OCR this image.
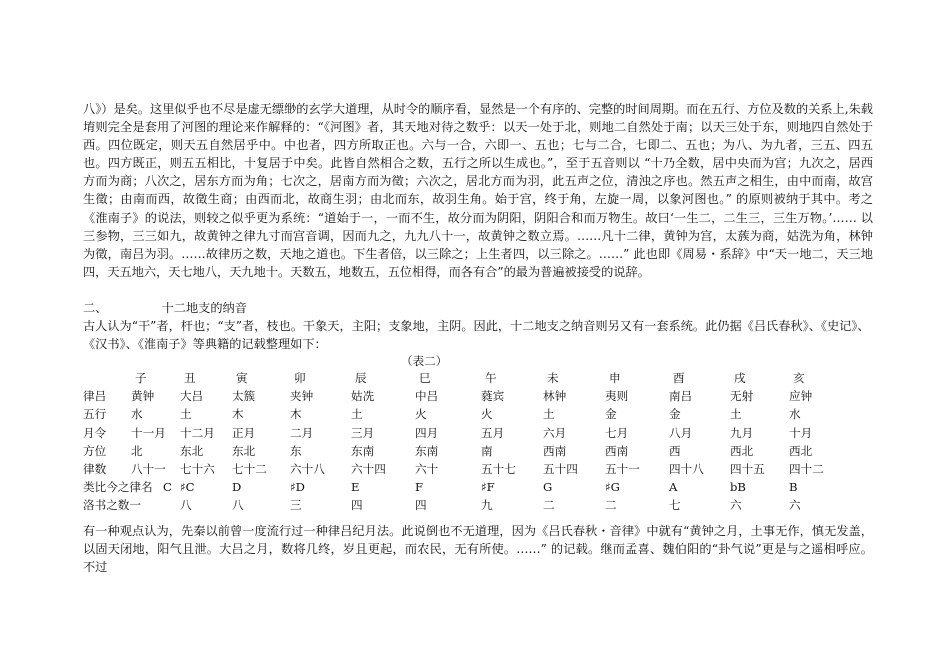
八》）是矣。这里似乎也不尽是虚无缥缈的玄学大道理，从时令的顺序看，显然是一个有序的、完整的时间周期。而在五行、方位及数的关系上,朱载堉则完全是套用了河图的理论来作解释的：“《河图》者，其天地对待之数乎：以天一处于北，则地二自然处于南；以天三处于东，则地四自然处于西。四位既定，则天五自然居乎中。中也者，四方所取正也。六与一合，六即一、五也；七与二合，七即二、五也；为八、为九者，三五、四五也。四方既正，则五五相比，十复居于中矣。此皆自然相合之数，五行之所以生成也。”，至于五音则以 “十乃全数，居中央而为宫；九次之，居西方而为商；八次之，居东方而为角；七次之，居南方而为徵；六次之，居北方而为羽，此五声之位，清浊之序也。然五声之相生，由中而南，故宫生徵；由南而西，故徵生商；由西而北，故商生羽；由北而东，故羽生角。始于宫，终于角，左旋一周，以象河图也。” 的原则被纳于其中。考之《淮南子》的说法，则较之似乎更为系统：“道始于一，一而不生，故分而为阴阳，阴阳合和而万物生。故曰‘一生二，二生三，三生万物。’…… 以三参物，三三如九，故黄钟之律九寸而宫音调，因而九之，九九八十一，故黄钟之数立焉。……凡十二律，黄钟为宫，太蔟为商，姑洗为角，林钟为徵，南吕为羽。……故律历之数，天地之道也。下生者倍，以三除之；上生者四，以三除之。……” 此也即《周易・系辞》中“天一地二，天三地四，天五地六，天七地八，天九地十。天数五，地数五，五位相得，而各有合”的最为普遍被接受的说辞。

二、	十二地支的纳音

古人认为“干”者，杆也；“支”者，枝也。干象天，主阳；支象地，主阴。因此，十二地支之纳音则另又有一套系统。此仍据《吕氏春秋》、《史记》、《汉书》、《淮南子》等典籍的记载整理如下：

（表二）
子	丑	寅	卯	辰	巳	午	未	申	酉	戌	亥
律吕 黄钟 大吕 太簇	夹钟	姑冼	中吕	蕤宾	林钟	夷则	南吕	无射	应钟
五行 水	土	木	木	土	火	火	土	金	金	土	水
月令 十一月 十二月 正月	二月	三月	四月	五月	六月	七月	八月	九月	十月
方位 北	东北 东北	东	东南	东南	南	西南	西南	西	西北	西北
律数 八十一 七十六 七十二 六十八 六十四	六十	五十七 五十四 五十一	四十八 四十五 四十二
类比今之律名 C ♯C	D	♯D	E	F	♯F	G	♯G	A	bB	B
洛书之数一	八	八	三	四	四	九	二	二	七	六	六

有一种观点认为，先秦以前曾一度流行过一种律吕纪月法。此说倒也不无道理，因为《吕氏春秋・音律》中就有“黄钟之月，土事无作，慎无发盖，以固天闭地，阳气且泄。大吕之月，数将几终，岁且更起，而农民，无有所使。……” 的记载。继而孟喜、魏伯阳的“卦气说”更是与之遥相呼应。不过
